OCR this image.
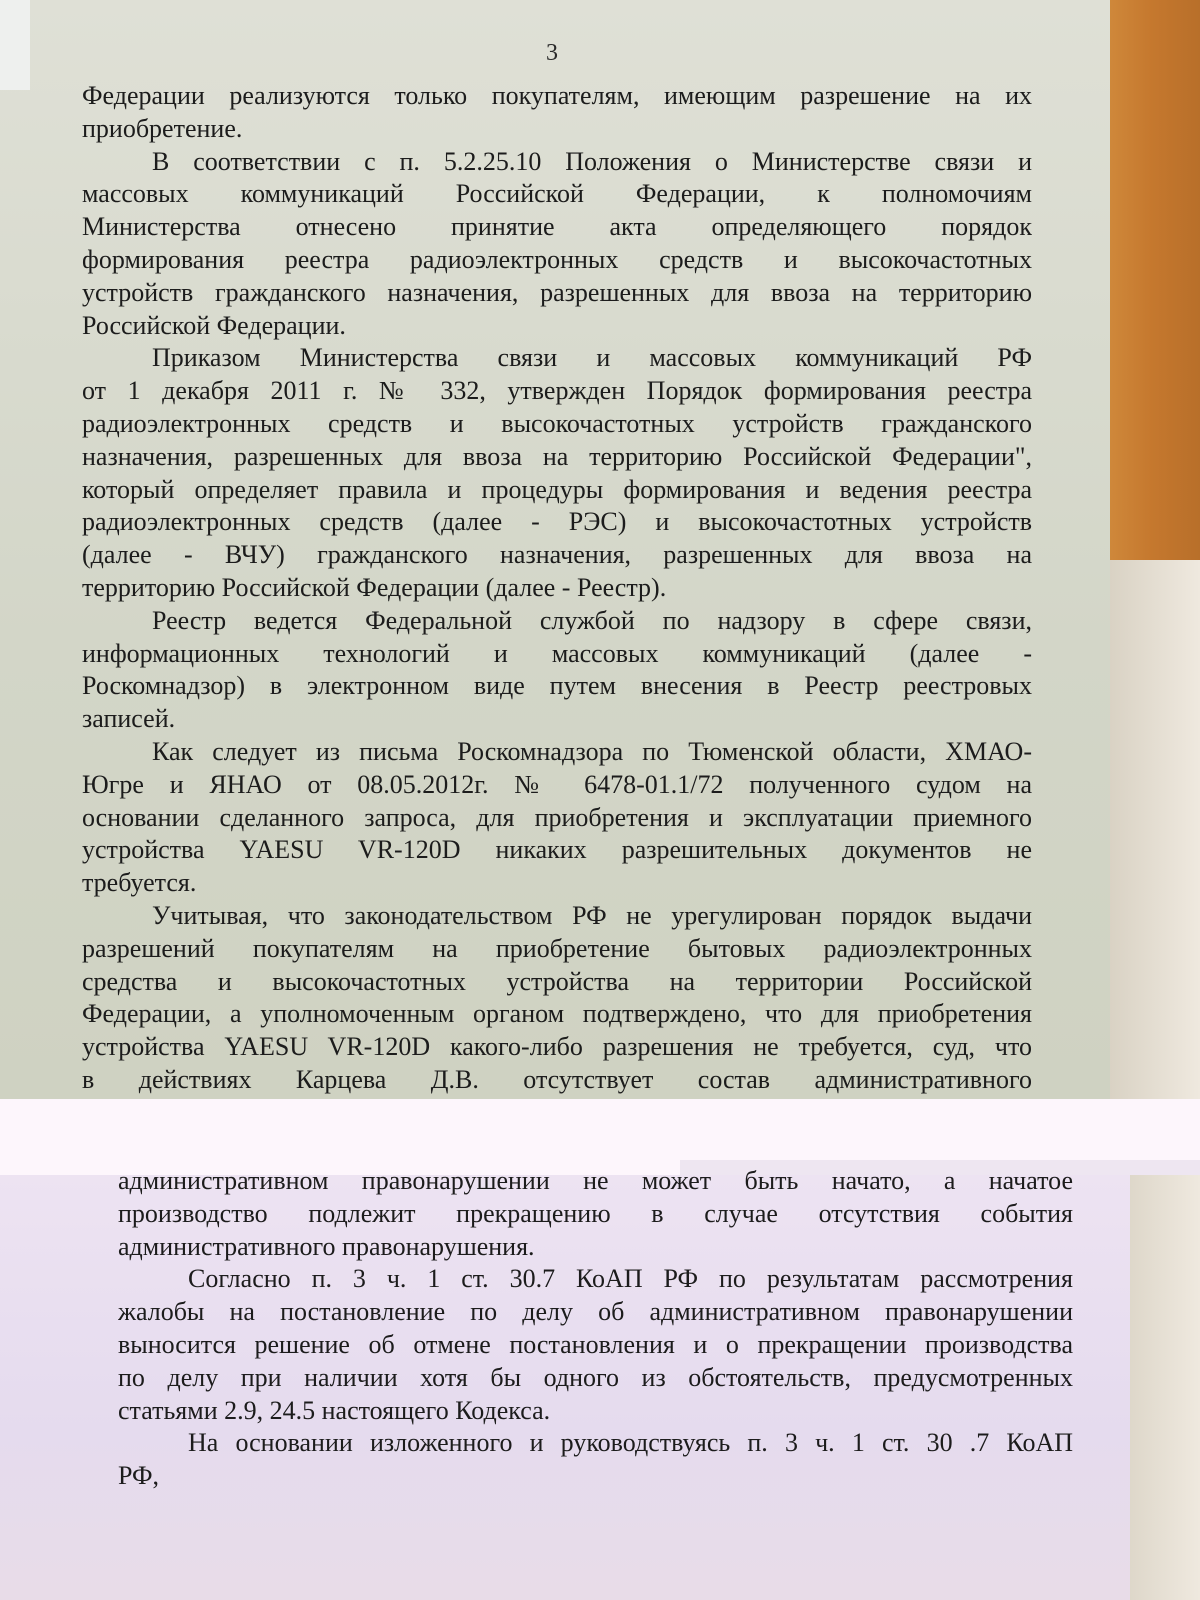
3
Федерации реализуются только покупателям, имеющим разрешение на их
приобретение.
В соответствии с п. 5.2.25.10 Положения о Министерстве связи и
массовых коммуникаций Российской Федерации, к полномочиям
Министерства отнесено принятие акта определяющего порядок
формирования реестра радиоэлектронных средств и высокочастотных
устройств гражданского назначения, разрешенных для ввоза на территорию
Российской Федерации.
Приказом Министерства связи и массовых коммуникаций РФ
от 1 декабря 2011 г. № 332, утвержден Порядок формирования реестра
радиоэлектронных средств и высокочастотных устройств гражданского
назначения, разрешенных для ввоза на территорию Российской Федерации",
который определяет правила и процедуры формирования и ведения реестра
радиоэлектронных средств (далее - РЭС) и высокочастотных устройств
(далее - ВЧУ) гражданского назначения, разрешенных для ввоза на
территорию Российской Федерации (далее - Реестр).
Реестр ведется Федеральной службой по надзору в сфере связи,
информационных технологий и массовых коммуникаций (далее -
Роскомнадзор) в электронном виде путем внесения в Реестр реестровых
записей.
Как следует из письма Роскомнадзора по Тюменской области, ХМАО-
Югре и ЯНАО от 08.05.2012г. № 6478-01.1/72 полученного судом на
основании сделанного запроса, для приобретения и эксплуатации приемного
устройства YAESU VR-120D никаких разрешительных документов не
требуется.
Учитывая, что законодательством РФ не урегулирован порядок выдачи
разрешений покупателям на приобретение бытовых радиоэлектронных
средства и высокочастотных устройства на территории Российской
Федерации, а уполномоченным органом подтверждено, что для приобретения
устройства YAESU VR-120D какого-либо разрешения не требуется, суд, что
в действиях Карцева Д.В. отсутствует состав административного
административном правонарушении не может быть начато, а начатое
производство подлежит прекращению в случае отсутствия события
административного правонарушения.
Согласно п. 3 ч. 1 ст. 30.7 КоАП РФ по результатам рассмотрения
жалобы на постановление по делу об административном правонарушении
выносится решение об отмене постановления и о прекращении производства
по делу при наличии хотя бы одного из обстоятельств, предусмотренных
статьями 2.9, 24.5 настоящего Кодекса.
На основании изложенного и руководствуясь п. 3 ч. 1 ст. 30 .7 КоАП
РФ,
